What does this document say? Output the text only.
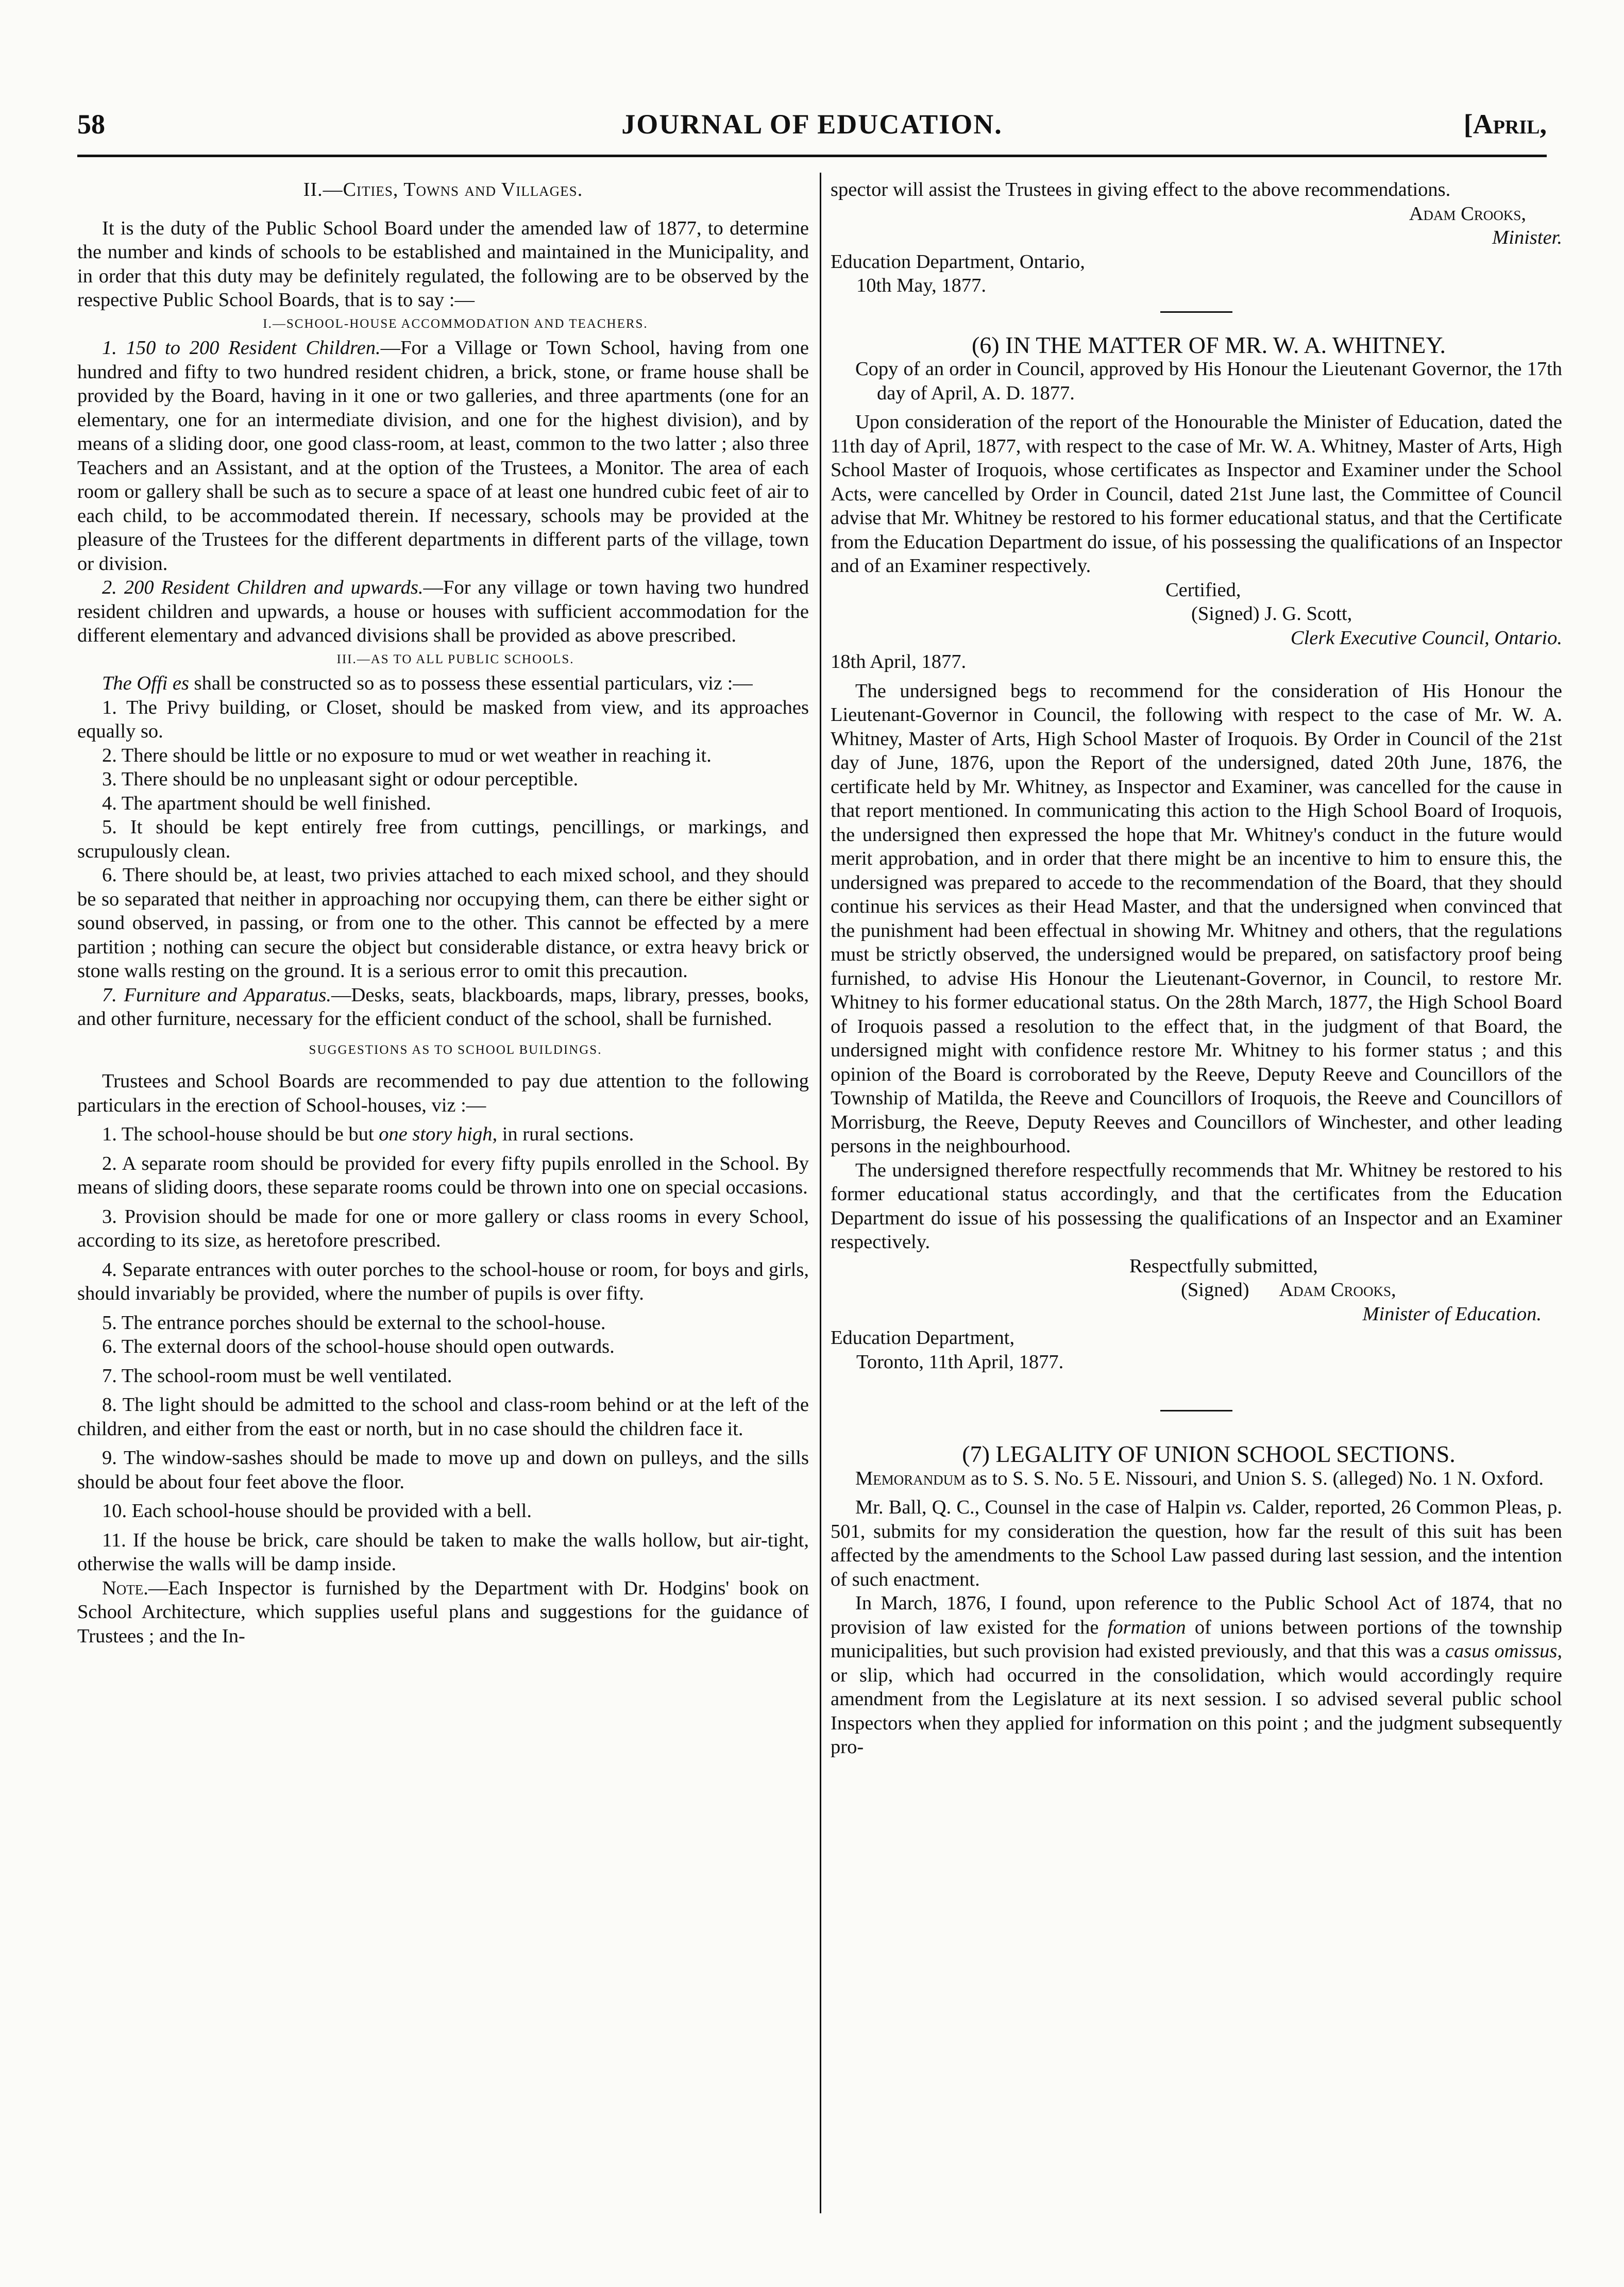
58	JOURNAL OF EDUCATION.	[April,

II.—Cities, Towns and Villages.

It is the duty of the Public School Board under the amended law of 1877, to determine the number and kinds of schools to be established and maintained in the Municipality, and in order that this duty may be definitely regulated, the following are to be observed by the respective Public School Boards, that is to say :—

I.—SCHOOL-HOUSE ACCOMMODATION AND TEACHERS.

1. 150 to 200 Resident Children.—For a Village or Town School, having from one hundred and fifty to two hundred resident chidren, a brick, stone, or frame house shall be provided by the Board, having in it one or two galleries, and three apartments (one for an elementary, one for an intermediate division, and one for the highest division), and by means of a sliding door, one good class-room, at least, common to the two latter ; also three Teachers and an Assistant, and at the option of the Trustees, a Monitor. The area of each room or gallery shall be such as to secure a space of at least one hundred cubic feet of air to each child, to be accommodated therein. If necessary, schools may be provided at the pleasure of the Trustees for the different departments in different parts of the village, town or division.

2. 200 Resident Children and upwards.—For any village or town having two hundred resident children and upwards, a house or houses with sufficient accommodation for the different elementary and advanced divisions shall be provided as above prescribed.

III.—AS TO ALL PUBLIC SCHOOLS.

The Offi es shall be constructed so as to possess these essential particulars, viz :—

1. The Privy building, or Closet, should be masked from view, and its approaches equally so.

2. There should be little or no exposure to mud or wet weather in reaching it.

3. There should be no unpleasant sight or odour perceptible.

4. The apartment should be well finished.

5. It should be kept entirely free from cuttings, pencillings, or markings, and scrupulously clean.

6. There should be, at least, two privies attached to each mixed school, and they should be so separated that neither in approaching nor occupying them, can there be either sight or sound observed, in passing, or from one to the other. This cannot be effected by a mere partition ; nothing can secure the object but considerable distance, or extra heavy brick or stone walls resting on the ground. It is a serious error to omit this precaution.

7. Furniture and Apparatus.—Desks, seats, blackboards, maps, library, presses, books, and other furniture, necessary for the efficient conduct of the school, shall be furnished.

SUGGESTIONS AS TO SCHOOL BUILDINGS.

Trustees and School Boards are recommended to pay due attention to the following particulars in the erection of School-houses, viz :—

1. The school-house should be but one story high, in rural sections.

2. A separate room should be provided for every fifty pupils enrolled in the School. By means of sliding doors, these separate rooms could be thrown into one on special occasions.

3. Provision should be made for one or more gallery or class rooms in every School, according to its size, as heretofore prescribed.

4. Separate entrances with outer porches to the school-house or room, for boys and girls, should invariably be provided, where the number of pupils is over fifty.

5. The entrance porches should be external to the school-house.

6. The external doors of the school-house should open outwards.

7. The school-room must be well ventilated.

8. The light should be admitted to the school and class-room behind or at the left of the children, and either from the east or north, but in no case should the children face it.

9. The window-sashes should be made to move up and down on pulleys, and the sills should be about four feet above the floor.

10. Each school-house should be provided with a bell.

11. If the house be brick, care should be taken to make the walls hollow, but air-tight, otherwise the walls will be damp inside.

Note.—Each Inspector is furnished by the Department with Dr. Hodgins' book on School Architecture, which supplies useful plans and suggestions for the guidance of Trustees ; and the In-

spector will assist the Trustees in giving effect to the above recommendations.

Adam Crooks,

Minister.

Education Department, Ontario,

10th May, 1877.

(6) IN THE MATTER OF MR. W. A. WHITNEY.

Copy of an order in Council, approved by His Honour the Lieutenant Governor, the 17th day of April, A. D. 1877.

Upon consideration of the report of the Honourable the Minister of Education, dated the 11th day of April, 1877, with respect to the case of Mr. W. A. Whitney, Master of Arts, High School Master of Iroquois, whose certificates as Inspector and Examiner under the School Acts, were cancelled by Order in Council, dated 21st June last, the Committee of Council advise that Mr. Whitney be restored to his former educational status, and that the Certificate from the Education Department do issue, of his possessing the qualifications of an Inspector and of an Examiner respectively.

Certified,

(Signed) J. G. Scott,

Clerk Executive Council, Ontario.

18th April, 1877.

The undersigned begs to recommend for the consideration of His Honour the Lieutenant-Governor in Council, the following with respect to the case of Mr. W. A. Whitney, Master of Arts, High School Master of Iroquois. By Order in Council of the 21st day of June, 1876, upon the Report of the undersigned, dated 20th June, 1876, the certificate held by Mr. Whitney, as Inspector and Examiner, was cancelled for the cause in that report mentioned. In communicating this action to the High School Board of Iroquois, the undersigned then expressed the hope that Mr. Whitney's conduct in the future would merit approbation, and in order that there might be an incentive to him to ensure this, the undersigned was prepared to accede to the recommendation of the Board, that they should continue his services as their Head Master, and that the undersigned when convinced that the punishment had been effectual in showing Mr. Whitney and others, that the regulations must be strictly observed, the undersigned would be prepared, on satisfactory proof being furnished, to advise His Honour the Lieutenant-Governor, in Council, to restore Mr. Whitney to his former educational status. On the 28th March, 1877, the High School Board of Iroquois passed a resolution to the effect that, in the judgment of that Board, the undersigned might with confidence restore Mr. Whitney to his former status ; and this opinion of the Board is corroborated by the Reeve, Deputy Reeve and Councillors of the Township of Matilda, the Reeve and Councillors of Iroquois, the Reeve and Councillors of Morrisburg, the Reeve, Deputy Reeves and Councillors of Winchester, and other leading persons in the neighbourhood.

The undersigned therefore respectfully recommends that Mr. Whitney be restored to his former educational status accordingly, and that the certificates from the Education Department do issue of his possessing the qualifications of an Inspector and an Examiner respectively.

Respectfully submitted,

(Signed) Adam Crooks,

Minister of Education.

Education Department,

Toronto, 11th April, 1877.

(7) LEGALITY OF UNION SCHOOL SECTIONS.

Memorandum as to S. S. No. 5 E. Nissouri, and Union S. S. (alleged) No. 1 N. Oxford.

Mr. Ball, Q. C., Counsel in the case of Halpin vs. Calder, reported, 26 Common Pleas, p. 501, submits for my consideration the question, how far the result of this suit has been affected by the amendments to the School Law passed during last session, and the intention of such enactment.

In March, 1876, I found, upon reference to the Public School Act of 1874, that no provision of law existed for the formation of unions between portions of the township municipalities, but such provision had existed previously, and that this was a casus omissus, or slip, which had occurred in the consolidation, which would accordingly require amendment from the Legislature at its next session. I so advised several public school Inspectors when they applied for information on this point ; and the judgment subsequently pro-
